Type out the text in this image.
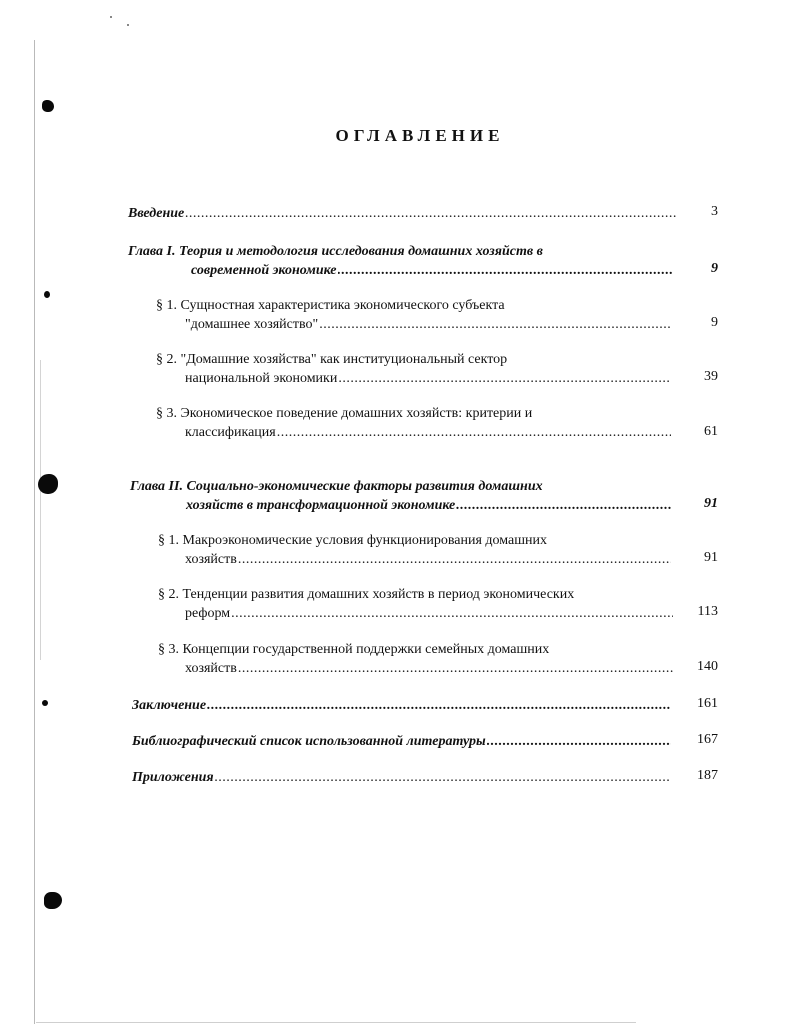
ОГЛАВЛЕНИЕ
Введение .....	3
Глава I. Теория и методология исследования домашних хозяйств в
современной экономике .....	9
§ 1. Сущностная характеристика экономического субъекта
"домашнее хозяйство" .....	9
§ 2. "Домашние хозяйства" как институциональный сектор
национальной экономики .....	39
§ 3. Экономическое поведение домашних хозяйств: критерии и
классификация .....	61
Глава II. Социально-экономические факторы развития домашних
хозяйств в трансформационной экономике .....	91
§ 1. Макроэкономические условия функционирования домашних
хозяйств .....	91
§ 2. Тенденции развития домашних хозяйств в период экономических
реформ .....	113
§ 3. Концепции государственной поддержки семейных домашних
хозяйств .....	140
Заключение .....	161
Библиографический список использованной литературы .....	167
Приложения .....	187
